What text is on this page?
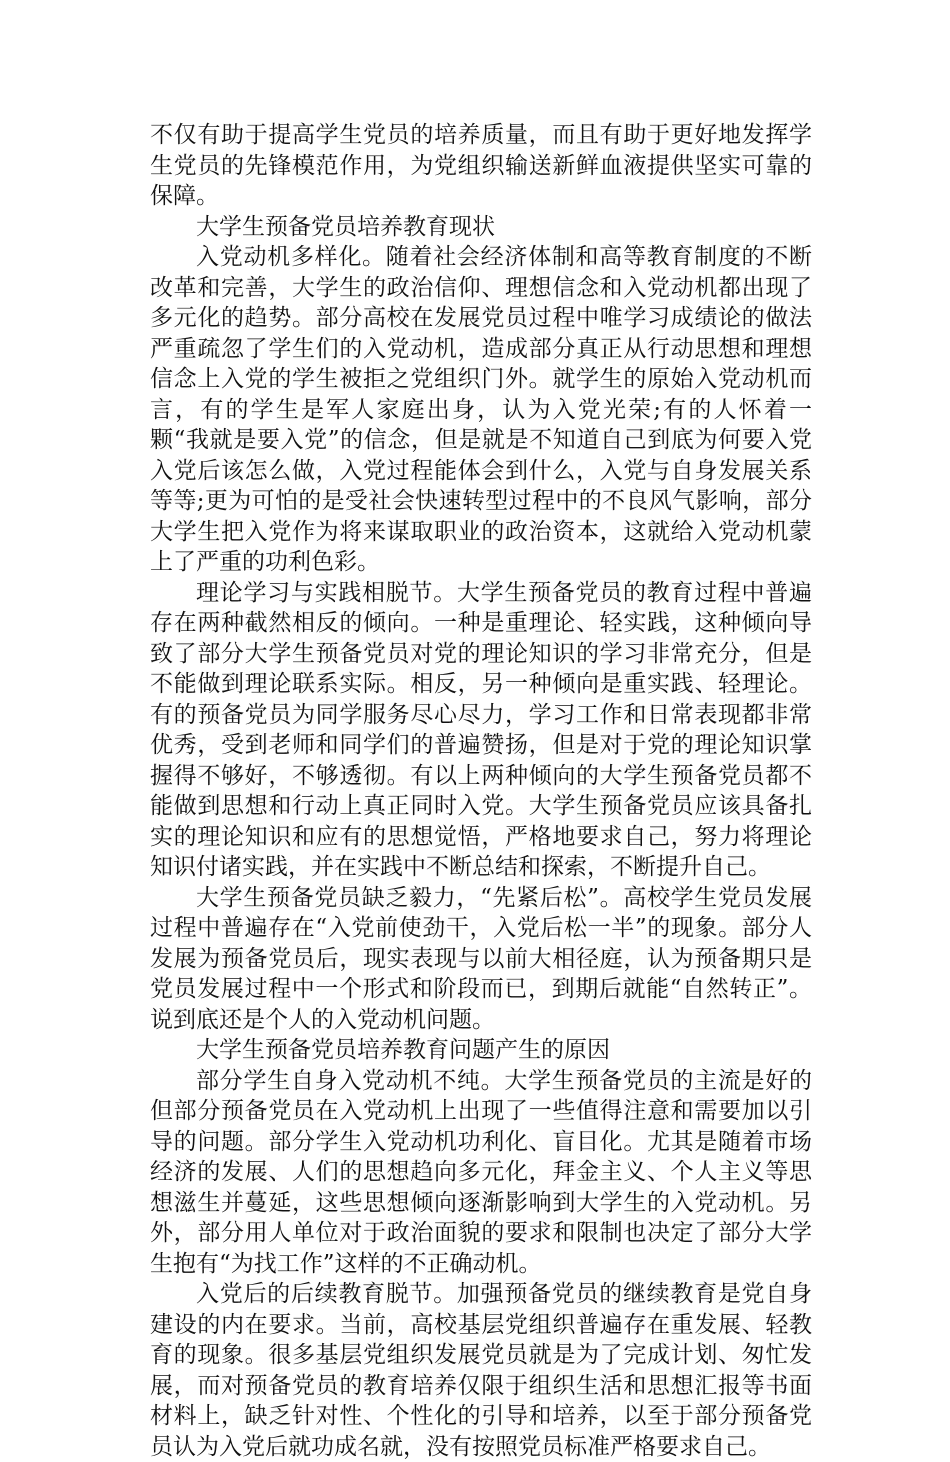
不仅有助于提高学生党员的培养质量，而且有助于更好地发挥学生党员的先锋模范作用，为党组织输送新鲜血液提供坚实可靠的保障。

大学生预备党员培养教育现状

入党动机多样化。随着社会经济体制和高等教育制度的不断改革和完善，大学生的政治信仰、理想信念和入党动机都出现了多元化的趋势。部分高校在发展党员过程中唯学习成绩论的做法严重疏忽了学生们的入党动机，造成部分真正从行动思想和理想信念上入党的学生被拒之党组织门外。就学生的原始入党动机而言，有的学生是军人家庭出身，认为入党光荣;有的人怀着一颗“我就是要入党”的信念，但是就是不知道自己到底为何要入党入党后该怎么做，入党过程能体会到什么，入党与自身发展关系等等;更为可怕的是受社会快速转型过程中的不良风气影响，部分大学生把入党作为将来谋取职业的政治资本，这就给入党动机蒙上了严重的功利色彩。

理论学习与实践相脱节。大学生预备党员的教育过程中普遍存在两种截然相反的倾向。一种是重理论、轻实践，这种倾向导致了部分大学生预备党员对党的理论知识的学习非常充分，但是不能做到理论联系实际。相反，另一种倾向是重实践、轻理论。有的预备党员为同学服务尽心尽力，学习工作和日常表现都非常优秀，受到老师和同学们的普遍赞扬，但是对于党的理论知识掌握得不够好，不够透彻。有以上两种倾向的大学生预备党员都不能做到思想和行动上真正同时入党。大学生预备党员应该具备扎实的理论知识和应有的思想觉悟，严格地要求自己，努力将理论知识付诸实践，并在实践中不断总结和探索，不断提升自己。

大学生预备党员缺乏毅力，“先紧后松”。高校学生党员发展过程中普遍存在“入党前使劲干，入党后松一半”的现象。部分人发展为预备党员后，现实表现与以前大相径庭，认为预备期只是党员发展过程中一个形式和阶段而已，到期后就能“自然转正”。说到底还是个人的入党动机问题。

大学生预备党员培养教育问题产生的原因

部分学生自身入党动机不纯。大学生预备党员的主流是好的但部分预备党员在入党动机上出现了一些值得注意和需要加以引导的问题。部分学生入党动机功利化、盲目化。尤其是随着市场经济的发展、人们的思想趋向多元化，拜金主义、个人主义等思想滋生并蔓延，这些思想倾向逐渐影响到大学生的入党动机。另外，部分用人单位对于政治面貌的要求和限制也决定了部分大学生抱有“为找工作”这样的不正确动机。

入党后的后续教育脱节。加强预备党员的继续教育是党自身建设的内在要求。当前，高校基层党组织普遍存在重发展、轻教育的现象。很多基层党组织发展党员就是为了完成计划、匆忙发展，而对预备党员的教育培养仅限于组织生活和思想汇报等书面材料上，缺乏针对性、个性化的引导和培养，以至于部分预备党员认为入党后就功成名就，没有按照党员标准严格要求自己。
